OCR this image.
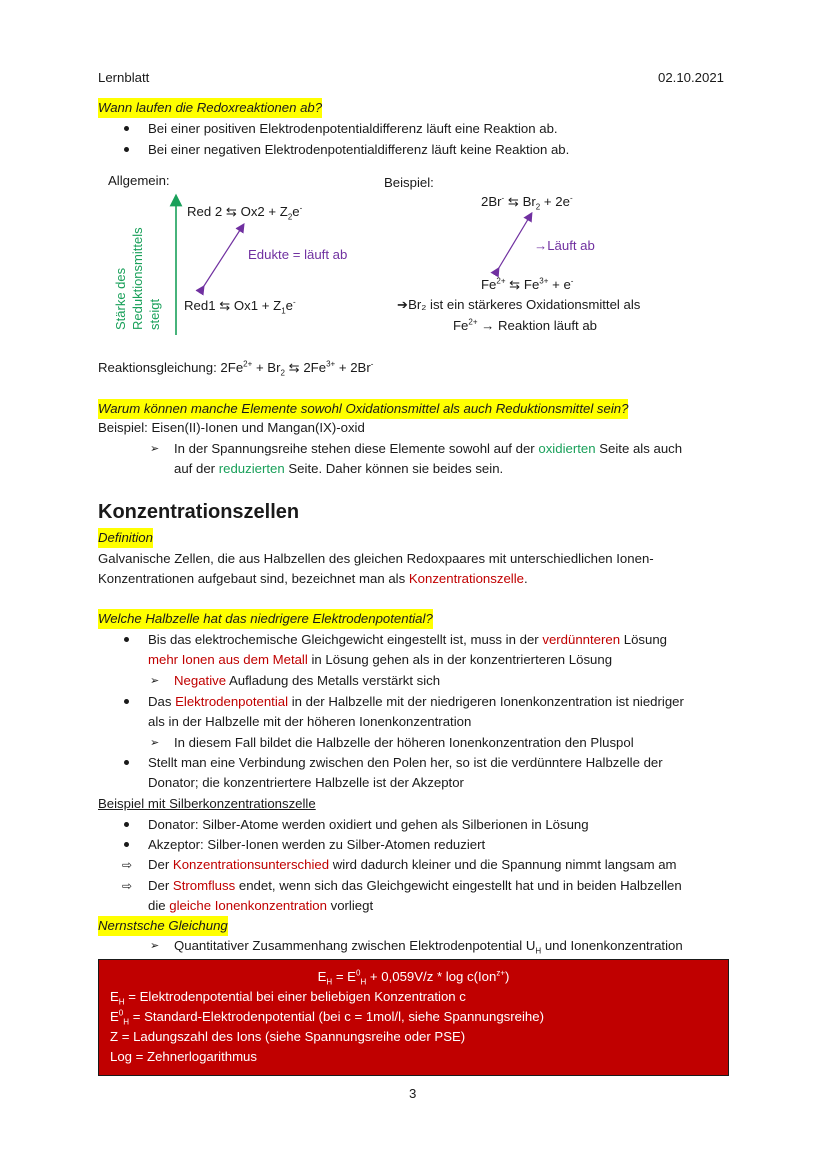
Lernblatt	02.10.2021
Wann laufen die Redoxreaktionen ab?
Bei einer positiven Elektrodenpotentialdifferenz läuft eine Reaktion ab.
Bei einer negativen Elektrodenpotentialdifferenz läuft keine Reaktion ab.
Allgemein:	Beispiel:
Stärke des Reduktionsmittels steigt
Red 2 ⇆ $Ox2 + Z_2e^-$
Edukte = läuft ab
Red1 ⇆ $Ox1 + Z_1e^-$
2Br- ⇆ $Br_2 + 2e^-$
→Läuft ab
$Fe^{2+}$ ⇆ $Fe^{3+} + e^-$
➔Br₂ ist ein stärkeres Oxidationsmittel als
$Fe^{2+}$ → Reaktion läuft ab
Reaktionsgleichung: $2Fe^{2+} + Br_2$ ⇆ $2Fe^{3+} + 2Br^-$
Warum können manche Elemente sowohl Oxidationsmittel als auch Reduktionsmittel sein?
Beispiel: Eisen(II)-Ionen und Mangan(IX)-oxid
➢ In der Spannungsreihe stehen diese Elemente sowohl auf der oxidierten Seite als auch
auf der reduzierten Seite. Daher können sie beides sein.
Konzentrationszellen
Definition
Galvanische Zellen, die aus Halbzellen des gleichen Redoxpaares mit unterschiedlichen Ionen-
Konzentrationen aufgebaut sind, bezeichnet man als Konzentrationszelle.
Welche Halbzelle hat das niedrigere Elektrodenpotential?
Bis das elektrochemische Gleichgewicht eingestellt ist, muss in der verdünnteren Lösung
mehr Ionen aus dem Metall in Lösung gehen als in der konzentrierteren Lösung
➢ Negative Aufladung des Metalls verstärkt sich
Das Elektrodenpotential in der Halbzelle mit der niedrigeren Ionenkonzentration ist niedriger
als in der Halbzelle mit der höheren Ionenkonzentration
➢ In diesem Fall bildet die Halbzelle der höheren Ionenkonzentration den Pluspol
Stellt man eine Verbindung zwischen den Polen her, so ist die verdünntere Halbzelle der
Donator; die konzentriertere Halbzelle ist der Akzeptor
Beispiel mit Silberkonzentrationszelle
Donator: Silber-Atome werden oxidiert und gehen als Silberionen in Lösung
Akzeptor: Silber-Ionen werden zu Silber-Atomen reduziert
⇨ Der Konzentrationsunterschied wird dadurch kleiner und die Spannung nimmt langsam am
⇨ Der Stromfluss endet, wenn sich das Gleichgewicht eingestellt hat und in beiden Halbzellen
die gleiche Ionenkonzentration vorliegt
Nernstsche Gleichung
➢ Quantitativer Zusammenhang zwischen Elektrodenpotential $U_H$ und Ionenkonzentration
$E_H = E^0_H + 0,059V/z * \log c(Ion^{z+})$
$E_H$ = Elektrodenpotential bei einer beliebigen Konzentration c
$E^0_H$ = Standard-Elektrodenpotential (bei c = 1mol/l, siehe Spannungsreihe)
Z = Ladungszahl des Ions (siehe Spannungsreihe oder PSE)
Log = Zehnerlogarithmus
3
